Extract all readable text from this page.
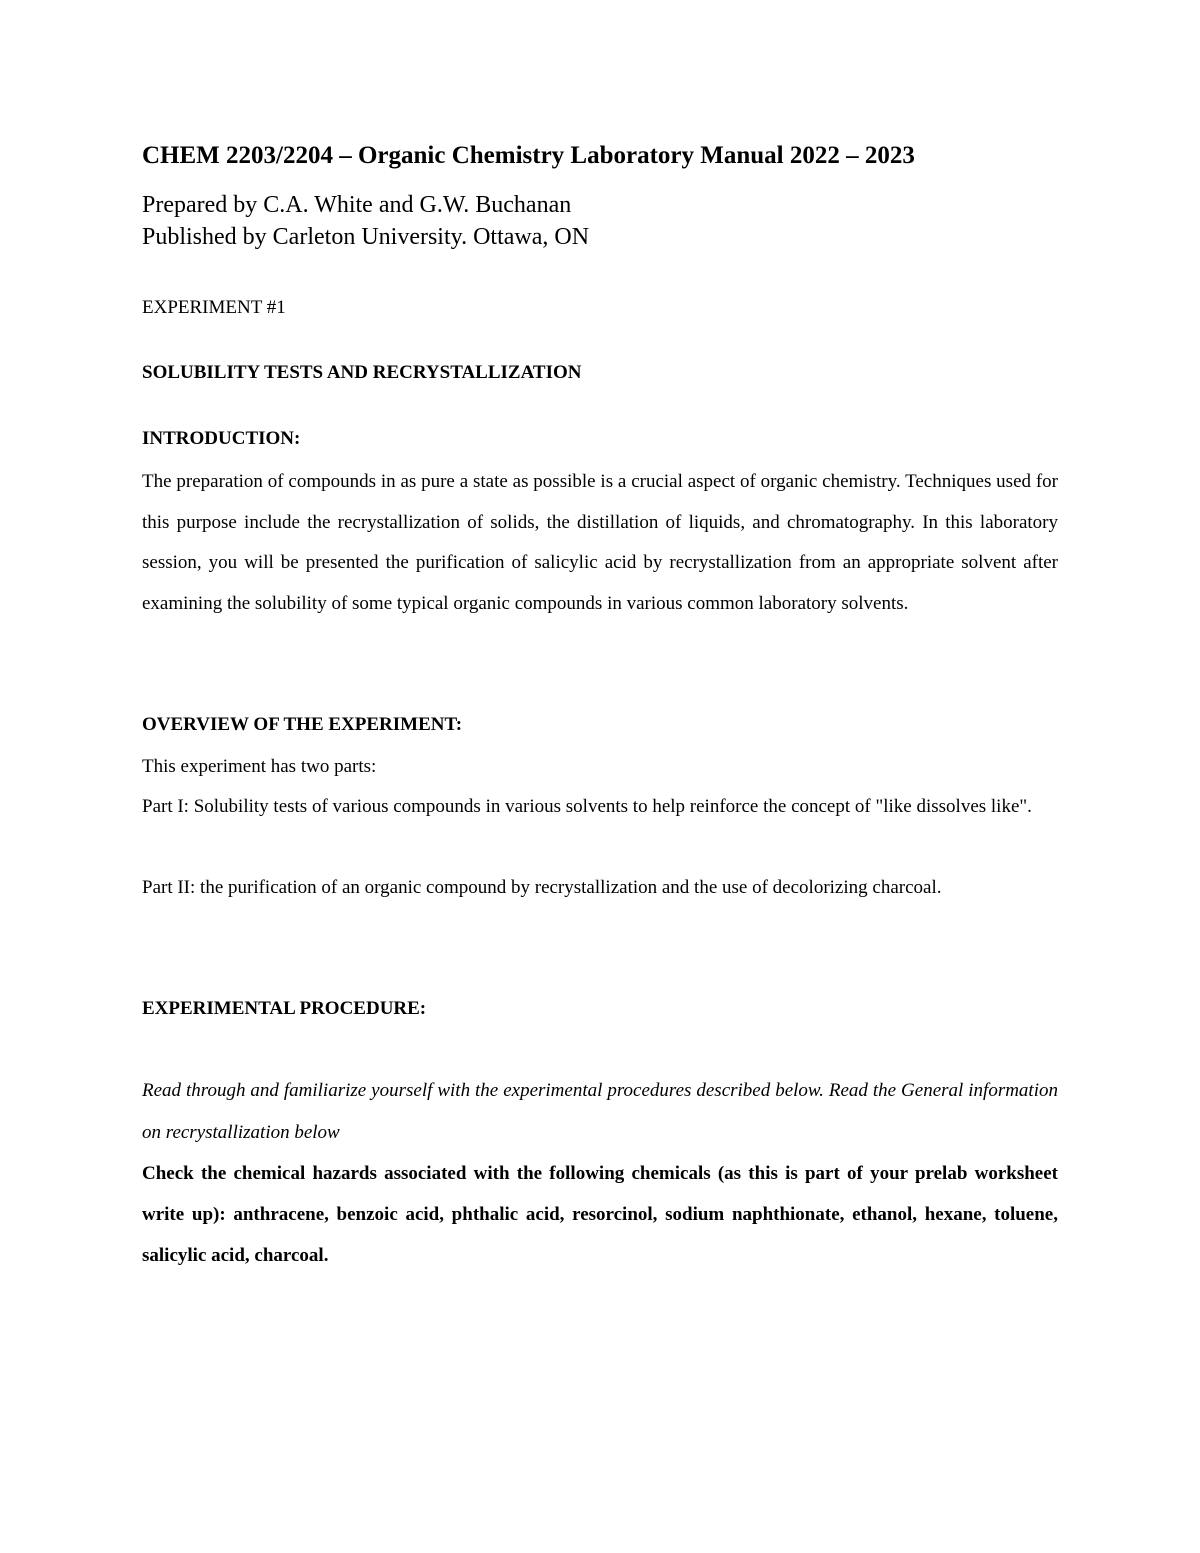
CHEM 2203/2204 – Organic Chemistry Laboratory Manual 2022 – 2023
Prepared by C.A. White and G.W. Buchanan
Published by Carleton University. Ottawa, ON
EXPERIMENT #1
SOLUBILITY TESTS AND RECRYSTALLIZATION
INTRODUCTION:
The preparation of compounds in as pure a state as possible is a crucial aspect of organic chemistry. Techniques used for this purpose include the recrystallization of solids, the distillation of liquids, and chromatography. In this laboratory session, you will be presented the purification of salicylic acid by recrystallization from an appropriate solvent after examining the solubility of some typical organic compounds in various common laboratory solvents.
OVERVIEW OF THE EXPERIMENT:
This experiment has two parts:
Part I: Solubility tests of various compounds in various solvents to help reinforce the concept of "like dissolves like".
Part II: the purification of an organic compound by recrystallization and the use of decolorizing charcoal.
EXPERIMENTAL PROCEDURE:
Read through and familiarize yourself with the experimental procedures described below. Read the General information on recrystallization below
Check the chemical hazards associated with the following chemicals (as this is part of your prelab worksheet write up): anthracene, benzoic acid, phthalic acid, resorcinol, sodium naphthionate, ethanol, hexane, toluene, salicylic acid, charcoal.
